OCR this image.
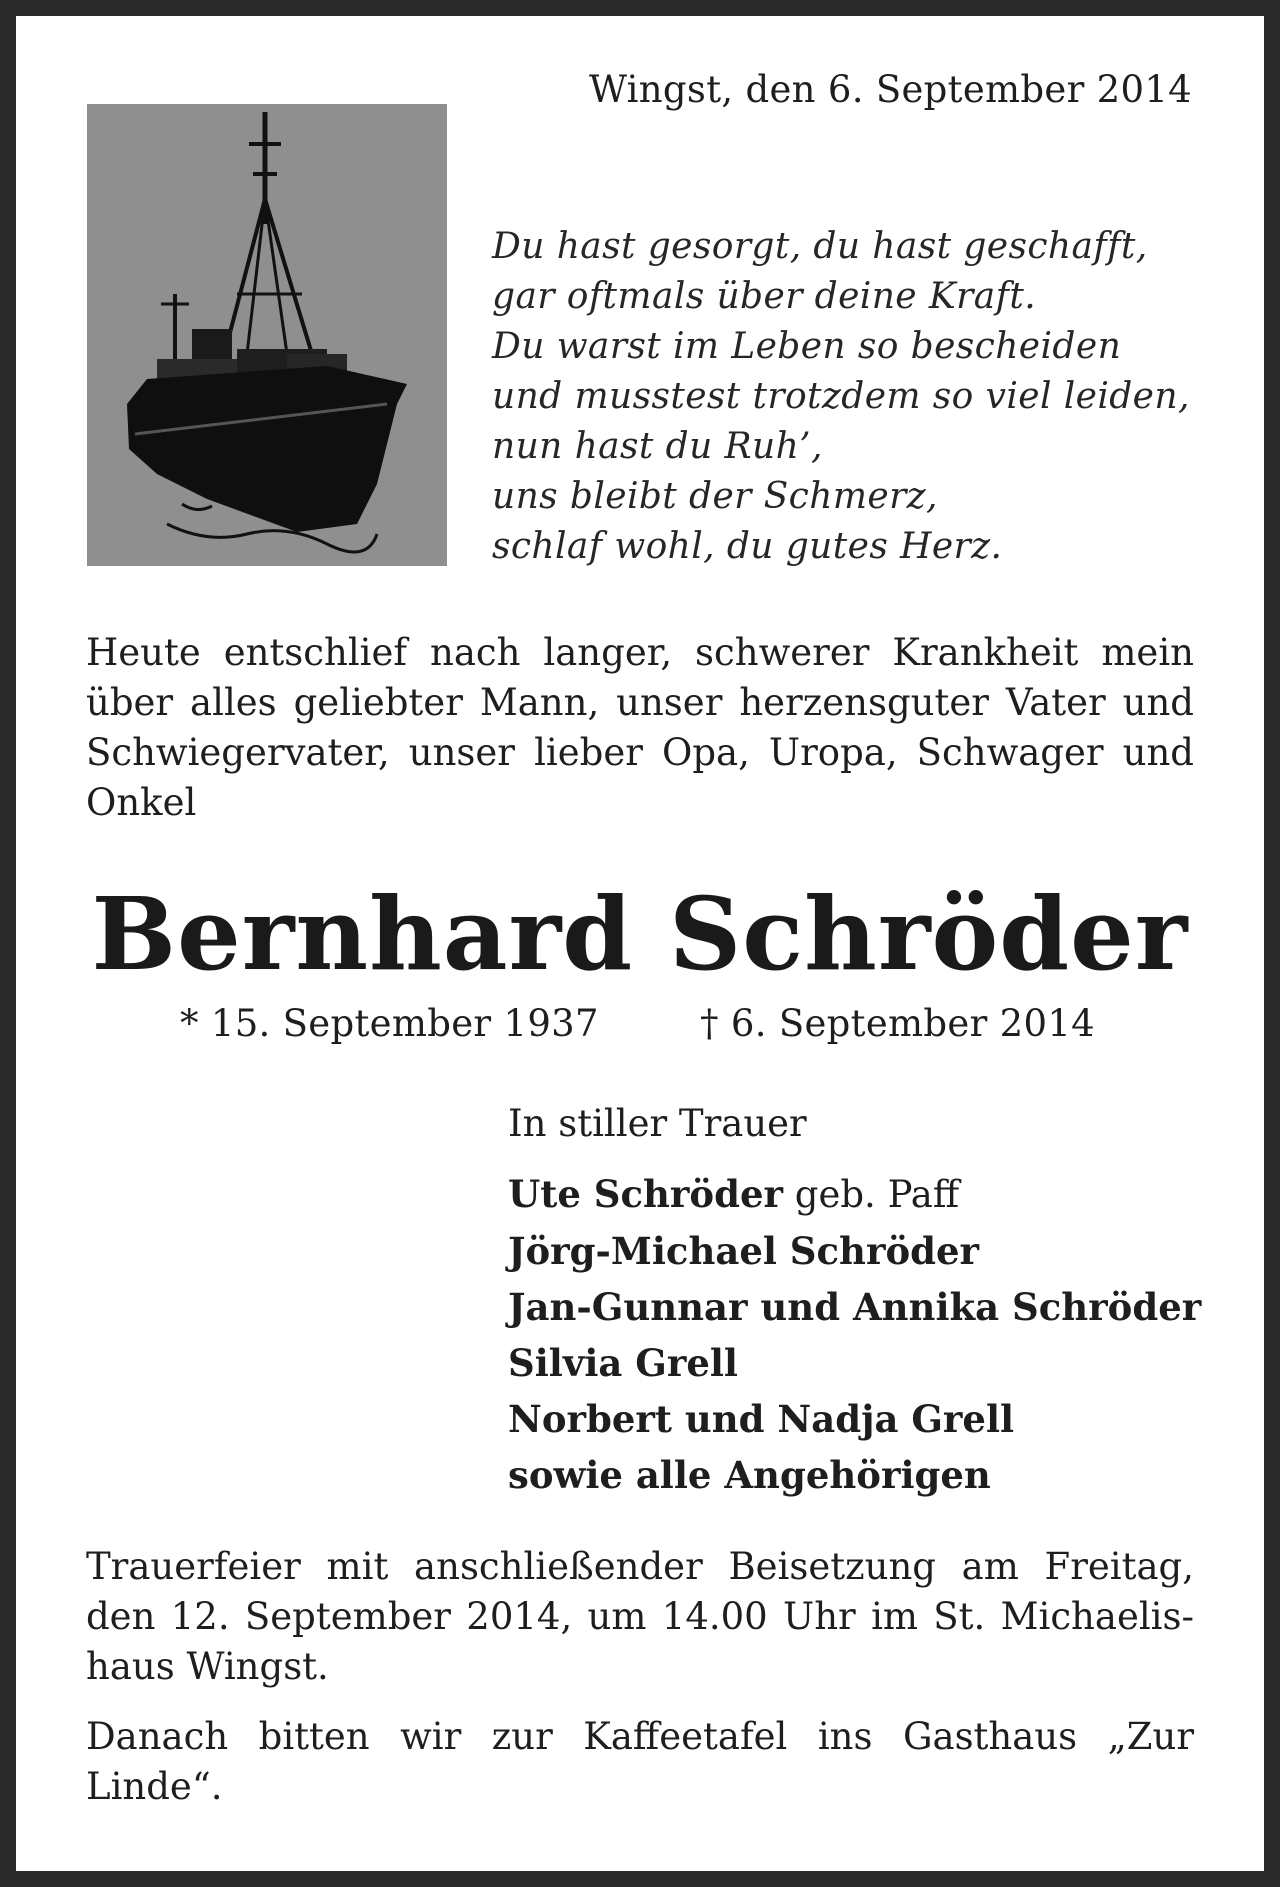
Wingst, den 6. September 2014
Du hast gesorgt, du hast geschafft,
gar oftmals über deine Kraft.
Du warst im Leben so bescheiden
und musstest trotzdem so viel leiden,
nun hast du Ruh’,
uns bleibt der Schmerz,
schlaf wohl, du gutes Herz.
Heute entschlief nach langer, schwerer Krankheit mein über alles geliebter Mann, unser herzensguter Vater und Schwiegervater, unser lieber Opa, Uropa, Schwager und Onkel
Bernhard Schröder
* 15. September 1937	† 6. September 2014
In stiller Trauer
Ute Schröder geb. Paff
Jörg-Michael Schröder
Jan-Gunnar und Annika Schröder
Silvia Grell
Norbert und Nadja Grell
sowie alle Angehörigen
Trauerfeier mit anschließender Beisetzung am Freitag, den 12. September 2014, um 14.00 Uhr im St. Michaelis-haus Wingst.
Danach bitten wir zur Kaffeetafel ins Gasthaus „Zur Linde“.
